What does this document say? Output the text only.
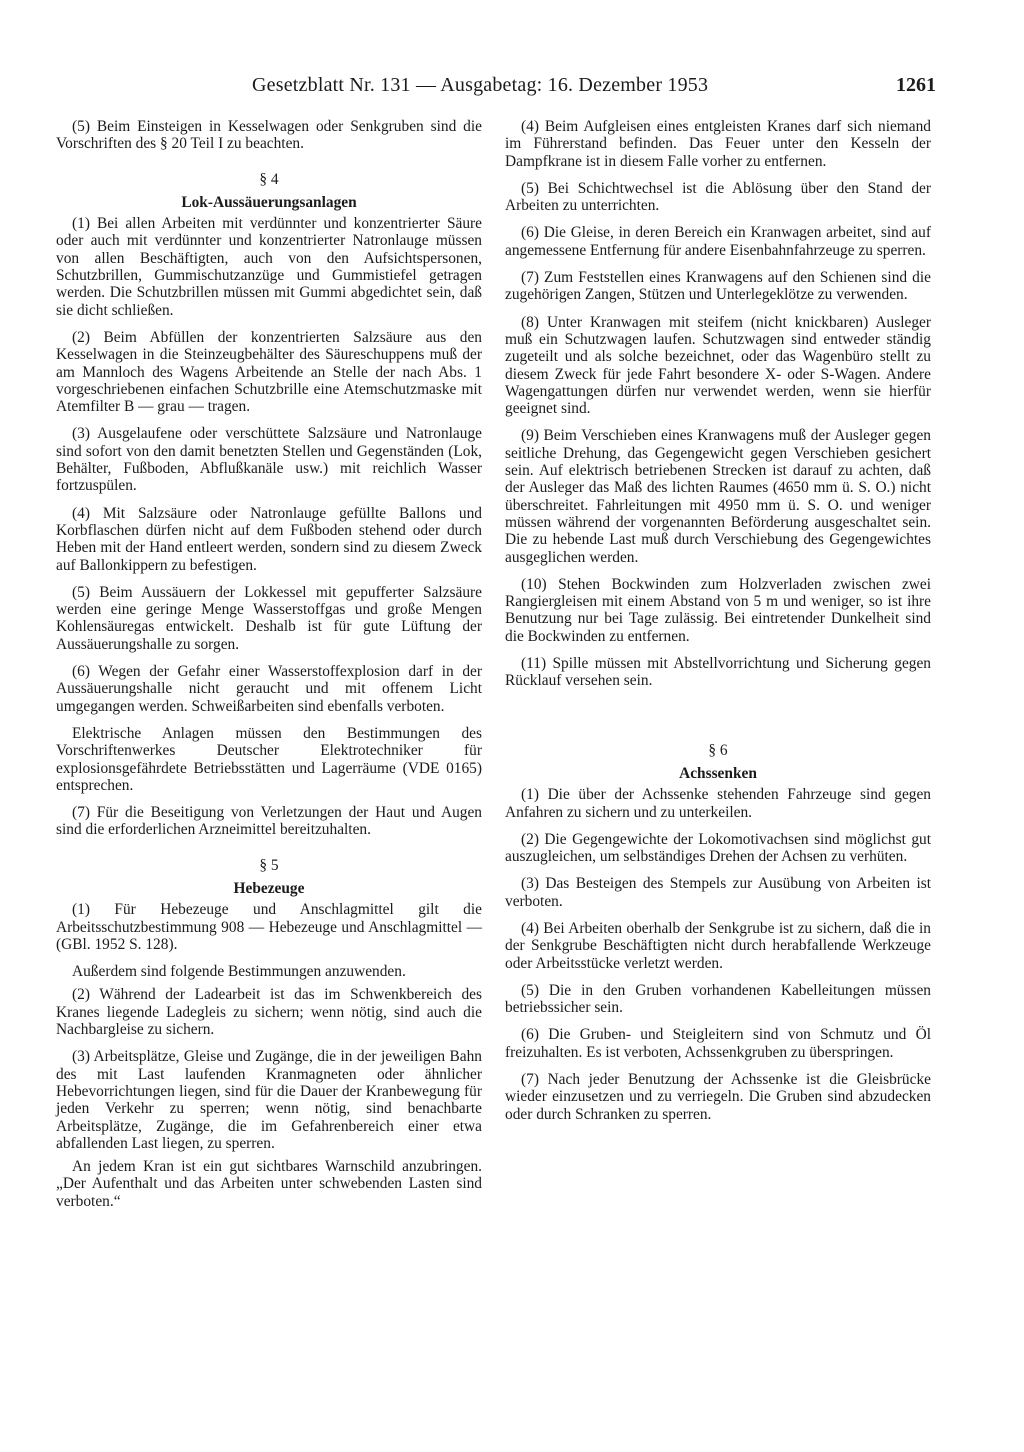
Gesetzblatt Nr. 131 — Ausgabetag: 16. Dezember 1953	1261

(5) Beim Einsteigen in Kesselwagen oder Senkgruben sind die Vorschriften des § 20 Teil I zu beachten.

§ 4
Lok-Aussäuerungsanlagen

(1) Bei allen Arbeiten mit verdünnter und konzentrierter Säure oder auch mit verdünnter und konzentrierter Natronlauge müssen von allen Beschäftigten, auch von den Aufsichtspersonen, Schutzbrillen, Gummischutzanzüge und Gummistiefel getragen werden. Die Schutzbrillen müssen mit Gummi abgedichtet sein, daß sie dicht schließen.

(2) Beim Abfüllen der konzentrierten Salzsäure aus den Kesselwagen in die Steinzeugbehälter des Säureschuppens muß der am Mannloch des Wagens Arbeitende an Stelle der nach Abs. 1 vorgeschriebenen einfachen Schutzbrille eine Atemschutzmaske mit Atemfilter B — grau — tragen.

(3) Ausgelaufene oder verschüttete Salzsäure und Natronlauge sind sofort von den damit benetzten Stellen und Gegenständen (Lok, Behälter, Fußboden, Abflußkanäle usw.) mit reichlich Wasser fortzuspülen.

(4) Mit Salzsäure oder Natronlauge gefüllte Ballons und Korbflaschen dürfen nicht auf dem Fußboden stehend oder durch Heben mit der Hand entleert werden, sondern sind zu diesem Zweck auf Ballonkippern zu befestigen.

(5) Beim Aussäuern der Lokkessel mit gepufferter Salzsäure werden eine geringe Menge Wasserstoffgas und große Mengen Kohlensäuregas entwickelt. Deshalb ist für gute Lüftung der Aussäuerungshalle zu sorgen.

(6) Wegen der Gefahr einer Wasserstoffexplosion darf in der Aussäuerungshalle nicht geraucht und mit offenem Licht umgegangen werden. Schweißarbeiten sind ebenfalls verboten.

Elektrische Anlagen müssen den Bestimmungen des Vorschriftenwerkes Deutscher Elektrotechniker für explosionsgefährdete Betriebsstätten und Lagerräume (VDE 0165) entsprechen.

(7) Für die Beseitigung von Verletzungen der Haut und Augen sind die erforderlichen Arzneimittel bereitzuhalten.

§ 5
Hebezeuge

(1) Für Hebezeuge und Anschlagmittel gilt die Arbeitsschutzbestimmung 908 — Hebezeuge und Anschlagmittel — (GBl. 1952 S. 128).

Außerdem sind folgende Bestimmungen anzuwenden.

(2) Während der Ladearbeit ist das im Schwenkbereich des Kranes liegende Ladegleis zu sichern; wenn nötig, sind auch die Nachbargleise zu sichern.

(3) Arbeitsplätze, Gleise und Zugänge, die in der jeweiligen Bahn des mit Last laufenden Kranmagneten oder ähnlicher Hebevorrichtungen liegen, sind für die Dauer der Kranbewegung für jeden Verkehr zu sperren; wenn nötig, sind benachbarte Arbeitsplätze, Zugänge, die im Gefahrenbereich einer etwa abfallenden Last liegen, zu sperren.

An jedem Kran ist ein gut sichtbares Warnschild anzubringen. „Der Aufenthalt und das Arbeiten unter schwebenden Lasten sind verboten.“

(4) Beim Aufgleisen eines entgleisten Kranes darf sich niemand im Führerstand befinden. Das Feuer unter den Kesseln der Dampfkrane ist in diesem Falle vorher zu entfernen.

(5) Bei Schichtwechsel ist die Ablösung über den Stand der Arbeiten zu unterrichten.

(6) Die Gleise, in deren Bereich ein Kranwagen arbeitet, sind auf angemessene Entfernung für andere Eisenbahnfahrzeuge zu sperren.

(7) Zum Feststellen eines Kranwagens auf den Schienen sind die zugehörigen Zangen, Stützen und Unterlegeklötze zu verwenden.

(8) Unter Kranwagen mit steifem (nicht knickbaren) Ausleger muß ein Schutzwagen laufen. Schutzwagen sind entweder ständig zugeteilt und als solche bezeichnet, oder das Wagenbüro stellt zu diesem Zweck für jede Fahrt besondere X- oder S-Wagen. Andere Wagengattungen dürfen nur verwendet werden, wenn sie hierfür geeignet sind.

(9) Beim Verschieben eines Kranwagens muß der Ausleger gegen seitliche Drehung, das Gegengewicht gegen Verschieben gesichert sein. Auf elektrisch betriebenen Strecken ist darauf zu achten, daß der Ausleger das Maß des lichten Raumes (4650 mm ü. S. O.) nicht überschreitet. Fahrleitungen mit 4950 mm ü. S. O. und weniger müssen während der vorgenannten Beförderung ausgeschaltet sein. Die zu hebende Last muß durch Verschiebung des Gegengewichtes ausgeglichen werden.

(10) Stehen Bockwinden zum Holzverladen zwischen zwei Rangiergleisen mit einem Abstand von 5 m und weniger, so ist ihre Benutzung nur bei Tage zulässig. Bei eintretender Dunkelheit sind die Bockwinden zu entfernen.

(11) Spille müssen mit Abstellvorrichtung und Sicherung gegen Rücklauf versehen sein.

§ 6
Achssenken

(1) Die über der Achssenke stehenden Fahrzeuge sind gegen Anfahren zu sichern und zu unterkeilen.

(2) Die Gegengewichte der Lokomotivachsen sind möglichst gut auszugleichen, um selbständiges Drehen der Achsen zu verhüten.

(3) Das Besteigen des Stempels zur Ausübung von Arbeiten ist verboten.

(4) Bei Arbeiten oberhalb der Senkgrube ist zu sichern, daß die in der Senkgrube Beschäftigten nicht durch herabfallende Werkzeuge oder Arbeitsstücke verletzt werden.

(5) Die in den Gruben vorhandenen Kabelleitungen müssen betriebssicher sein.

(6) Die Gruben- und Steigleitern sind von Schmutz und Öl freizuhalten. Es ist verboten, Achssenkgruben zu überspringen.

(7) Nach jeder Benutzung der Achssenke ist die Gleisbrücke wieder einzusetzen und zu verriegeln. Die Gruben sind abzudecken oder durch Schranken zu sperren.
